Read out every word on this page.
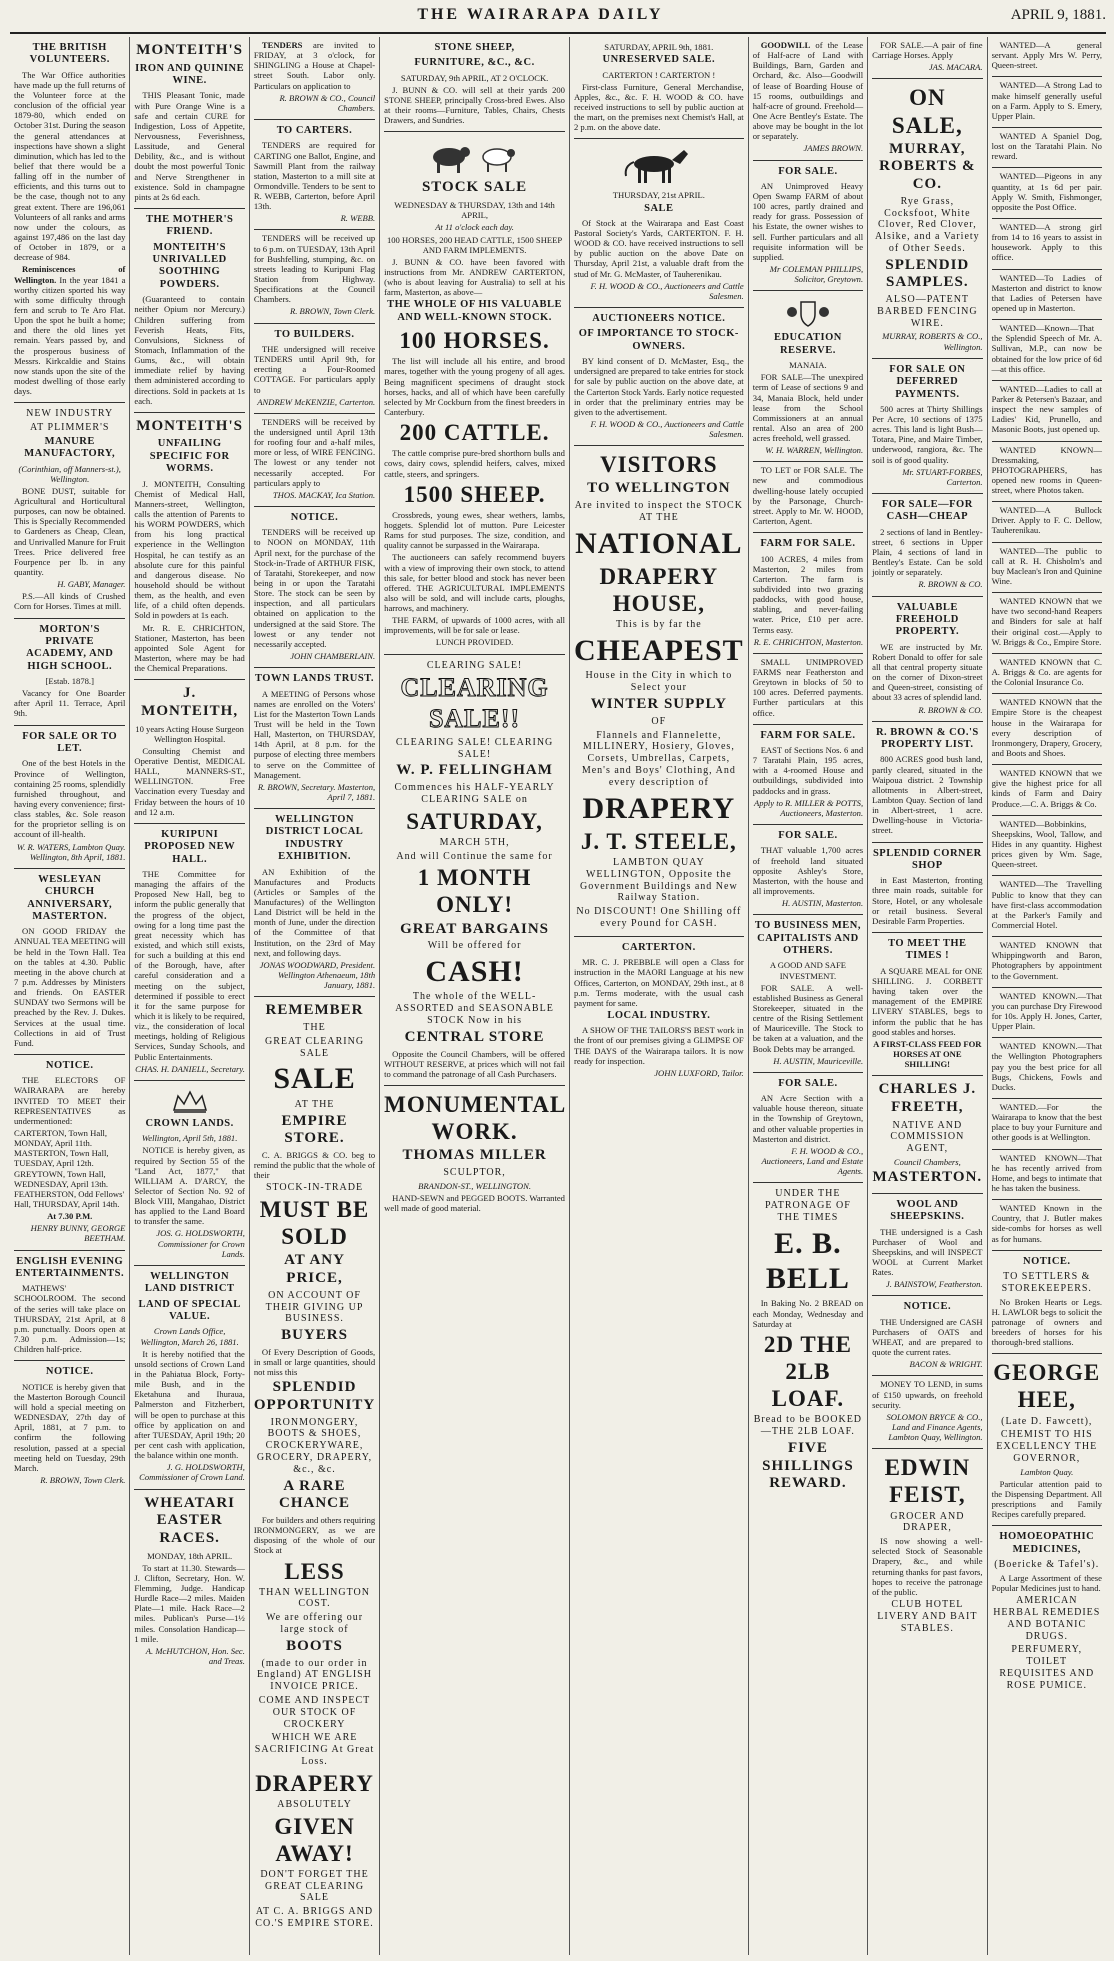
THE WAIRARAPA DAILY	APRIL 9, 1881.
THE BRITISH VOLUNTEERS.

The War Office authorities have made up the full returns of the Volunteer force at the conclusion of the official year 1879-80, which ended on October 31st. During the season the general attendances at inspections have shown a slight diminution, which has led to the belief that there would be a falling off in the number of efficients, and this turns out to be the case, though not to any great extent. There are 196,061 Volunteers of all ranks and arms now under the colours, as against 197,486 on the last day of October in 1879, or a decrease of 984.

Reminiscences of Wellington. In the year 1841 a worthy citizen sported his way with some difficulty through fern and scrub to Te Aro Flat. Upon the spot he built a home; and there the old lines yet remain. Years passed by, and the prosperous business of Messrs. Kirkcaldie and Stains now stands upon the site of the modest dwelling of those early days.

NEW INDUSTRY
AT PLIMMER'S
MANURE MANUFACTORY,
(Corinthian, off Manners-st.), Wellington.

BONE DUST, suitable for Agricultural and Horticultural purposes, can now be obtained. This is Specially Recommended to Gardeners as Cheap, Clean, and Unrivalled Manure for Fruit Trees. Price delivered free Fourpence per lb. in any quantity.

H. GABY, Manager.

P.S.—All kinds of Crushed Corn for Horses. Times at mill.

MORTON'S PRIVATE ACADEMY, AND HIGH SCHOOL.
[Estab. 1878.]

Vacancy for One Boarder after April 11. Terrace, April 9th.

FOR SALE OR TO LET.

One of the best Hotels in the Province of Wellington, containing 25 rooms, splendidly furnished throughout, and having every convenience; first-class stables, &c. Sole reason for the proprietor selling is on account of ill-health.

W. R. WATERS, Lambton Quay. Wellington, 8th April, 1881.
WESLEYAN CHURCH ANNIVERSARY, MASTERTON.

ON GOOD FRIDAY the ANNUAL TEA MEETING will be held in the Town Hall. Tea on the tables at 4.30. Public meeting in the above church at 7 p.m. Addresses by Ministers and friends. On EASTER SUNDAY two Sermons will be preached by the Rev. J. Dukes. Services at the usual time. Collections in aid of Trust Fund.

NOTICE.

THE ELECTORS OF WAIRARAPA are hereby INVITED TO MEET their REPRESENTATIVES as undermentioned:

CARTERTON, Town Hall, MONDAY, April 11th.
MASTERTON, Town Hall, TUESDAY, April 12th.
GREYTOWN, Town Hall, WEDNESDAY, April 13th.
FEATHERSTON, Odd Fellows' Hall, THURSDAY, April 14th.
At 7.30 P.M.
HENRY BUNNY, GEORGE BEETHAM.
ENGLISH EVENING ENTERTAINMENTS.

MATHEWS' SCHOOLROOM. The second of the series will take place on THURSDAY, 21st April, at 8 p.m. punctually. Doors open at 7.30 p.m. Admission—1s; Children half-price.

NOTICE.

NOTICE is hereby given that the Masterton Borough Council will hold a special meeting on WEDNESDAY, 27th day of April, 1881, at 7 p.m. to confirm the following resolution, passed at a special meeting held on Tuesday, 29th March.

R. BROWN, Town Clerk.
MONTEITH'S
IRON AND QUININE WINE.

THIS Pleasant Tonic, made with Pure Orange Wine is a safe and certain CURE for Indigestion, Loss of Appetite, Nervousness, Feverishness, Lassitude, and General Debility, &c., and is without doubt the most powerful Tonic and Nerve Strengthener in existence. Sold in champagne pints at 2s 6d each.

THE MOTHER'S FRIEND.
MONTEITH'S UNRIVALLED SOOTHING POWDERS.

(Guaranteed to contain neither Opium nor Mercury.) Children suffering from Feverish Heats, Fits, Convulsions, Sickness of Stomach, Inflammation of the Gums, &c., will obtain immediate relief by having them administered according to directions. Sold in packets at 1s each.

MONTEITH'S
UNFAILING SPECIFIC FOR WORMS.

J. MONTEITH, Consulting Chemist of Medical Hall, Manners-street, Wellington, calls the attention of Parents to his WORM POWDERS, which from his long practical experience in the Wellington Hospital, he can testify as an absolute cure for this painful and dangerous disease. No household should be without them, as the health, and even life, of a child often depends. Sold in powders at 1s each.

Mr. R. E. CHRICHTON, Stationer, Masterton, has been appointed Sole Agent for Masterton, where may be had the Chemical Preparations.

J. MONTEITH,
10 years Acting House Surgeon Wellington Hospital.

Consulting Chemist and Operative Dentist, MEDICAL HALL, MANNERS-ST., WELLINGTON. Free Vaccination every Tuesday and Friday between the hours of 10 and 12 a.m.

KURIPUNI PROPOSED NEW HALL.

THE Committee for managing the affairs of the Proposed New Hall, beg to inform the public generally that the progress of the object, owing for a long time past the great necessity which has existed, and which still exists, for such a building at this end of the Borough, have, after careful consideration and a meeting on the subject, determined if possible to erect it for the same purpose for which it is likely to be required, viz., the consideration of local meetings, holding of Religious Services, Sunday Schools, and Public Entertainments.

CHAS. H. DANIELL, Secretary.
CROWN LANDS.
Wellington, April 5th, 1881.

NOTICE is hereby given, as required by Section 55 of the "Land Act, 1877," that WILLIAM A. D'ARCY, the Selector of Section No. 92 of Block VIII, Mangahao, District has applied to the Land Board to transfer the same.

JOS. G. HOLDSWORTH, Commissioner for Crown Lands.
WELLINGTON LAND DISTRICT
LAND OF SPECIAL VALUE.
Crown Lands Office, Wellington, March 26, 1881.

It is hereby notified that the unsold sections of Crown Land in the Pahiatua Block, Forty-mile Bush, and in the Eketahuna and Ihuraua, Palmerston and Fitzherbert, will be open to purchase at this office by application on and after TUESDAY, April 19th; 20 per cent cash with application, the balance within one month.

J. G. HOLDSWORTH, Commissioner of Crown Land.
WHEATARI EASTER RACES.
MONDAY, 18th APRIL.

To start at 11.30. Stewards—J. Clifton, Secretary, Hon. W. Flemming, Judge. Handicap Hurdle Race—2 miles. Maiden Plate—1 mile. Hack Race—2 miles. Publican's Purse—1½ miles. Consolation Handicap—1 mile.

A. McHUTCHON, Hon. Sec. and Treas.

TENDERS are invited to FRIDAY, at 3 o'clock, for SHINGLING a House at Chapel-street South. Labor only. Particulars on application to

R. BROWN & CO., Council Chambers.
TO CARTERS.

TENDERS are required for CARTING one Ballot, Engine, and Sawmill Plant from the railway station, Masterton to a mill site at Ormondville. Tenders to be sent to R. WEBB, Carterton, before April 13th.

R. WEBB.

TENDERS will be received up to 6 p.m. on TUESDAY, 13th April for Bushfelling, stumping, &c. on streets leading to Kuripuni Flag Station from Highway. Specifications at the Council Chambers.

R. BROWN, Town Clerk.
TO BUILDERS.

THE undersigned will receive TENDERS until April 9th, for erecting a Four-Roomed COTTAGE. For particulars apply to

ANDREW McKENZIE, Carterton.

TENDERS will be received by the undersigned until April 13th for roofing four and a-half miles, more or less, of WIRE FENCING. The lowest or any tender not necessarily accepted. For particulars apply to

THOS. MACKAY, Ica Station.
NOTICE.

TENDERS will be received up to NOON on MONDAY, 11th April next, for the purchase of the Stock-in-Trade of ARTHUR FISK, of Taratahi, Storekeeper, and now being in or upon the Taratahi Store. The stock can be seen by inspection, and all particulars obtained on application to the undersigned at the said Store. The lowest or any tender not necessarily accepted.

JOHN CHAMBERLAIN.
TOWN LANDS TRUST.

A MEETING of Persons whose names are enrolled on the Voters' List for the Masterton Town Lands Trust will be held in the Town Hall, Masterton, on THURSDAY, 14th April, at 8 p.m. for the purpose of electing three members to serve on the Committee of Management.

R. BROWN, Secretary. Masterton, April 7, 1881.
WELLINGTON DISTRICT LOCAL INDUSTRY EXHIBITION.

AN Exhibition of the Manufactures and Products (Articles or Samples of the Manufactures) of the Wellington Land District will be held in the month of June, under the direction of the Committee of that Institution, on the 23rd of May next, and following days.

JONAS WOODWARD, President. Wellington Athenaeum, 18th January, 1881.
REMEMBER
THE
GREAT CLEARING SALE
SALE
AT THE
EMPIRE STORE.

C. A. BRIGGS & CO. beg to remind the public that the whole of their

STOCK-IN-TRADE
MUST BE SOLD
AT ANY PRICE,
ON ACCOUNT OF THEIR GIVING UP BUSINESS.
BUYERS

Of Every Description of Goods, in small or large quantities, should not miss this

SPLENDID OPPORTUNITY
IRONMONGERY, BOOTS & SHOES, CROCKERYWARE, GROCERY, DRAPERY, &c., &c.
A RARE CHANCE

For builders and others requiring IRONMONGERY, as we are disposing of the whole of our Stock at

LESS
THAN WELLINGTON COST.
We are offering our large stock of
BOOTS
(made to our order in England) AT ENGLISH INVOICE PRICE.
COME AND INSPECT OUR STOCK OF CROCKERY
WHICH WE ARE SACRIFICING At Great Loss.
DRAPERY
ABSOLUTELY
GIVEN AWAY!
DON'T FORGET THE GREAT CLEARING SALE
AT C. A. BRIGGS AND CO.'S EMPIRE STORE.
STONE SHEEP,
FURNITURE, &C., &C.
SATURDAY, 9th APRIL, AT 2 O'CLOCK.

J. BUNN & CO. will sell at their yards 200 STONE SHEEP, principally Cross-bred Ewes. Also at their rooms—Furniture, Tables, Chairs, Chests Drawers, and Sundries.

STOCK SALE
WEDNESDAY & THURSDAY, 13th and 14th APRIL,
At 11 o'clock each day.
100 HORSES, 200 HEAD CATTLE, 1500 SHEEP AND FARM IMPLEMENTS.

J. BUNN & CO. have been favored with instructions from Mr. ANDREW CARTERTON, (who is about leaving for Australia) to sell at his farm, Masterton, as above—

THE WHOLE OF HIS VALUABLE AND WELL-KNOWN STOCK.
100 HORSES.

The list will include all his entire, and brood mares, together with the young progeny of all ages. Being magnificent specimens of draught stock horses, hacks, and all of which have been carefully selected by Mr Cockburn from the finest breeders in Canterbury.

200 CATTLE.

The cattle comprise pure-bred shorthorn bulls and cows, dairy cows, splendid heifers, calves, mixed cattle, steers, and springers.

1500 SHEEP.

Crossbreds, young ewes, shear wethers, lambs, hoggets. Splendid lot of mutton. Pure Leicester Rams for stud purposes. The size, condition, and quality cannot be surpassed in the Wairarapa.

The auctioneers can safely recommend buyers with a view of improving their own stock, to attend this sale, for better blood and stock has never been offered. THE AGRICULTURAL IMPLEMENTS also will be sold, and will include carts, ploughs, harrows, and machinery.

THE FARM, of upwards of 1000 acres, with all improvements, will be for sale or lease.

LUNCH PROVIDED.
CLEARING SALE!
CLEARING SALE!!
CLEARING SALE! CLEARING SALE!
W. P. FELLINGHAM
Commences his HALF-YEARLY CLEARING SALE on
SATURDAY,
MARCH 5TH,
And will Continue the same for
1 MONTH ONLY!
GREAT BARGAINS
Will be offered for
CASH!
The whole of the WELL-ASSORTED and SEASONABLE STOCK Now in his
CENTRAL STORE

Opposite the Council Chambers, will be offered WITHOUT RESERVE, at prices which will not fail to command the patronage of all Cash Purchasers.

MONUMENTAL WORK.
THOMAS MILLER
SCULPTOR,
BRANDON-ST., WELLINGTON.

HAND-SEWN and PEGGED BOOTS. Warranted well made of good material.

SATURDAY, APRIL 9th, 1881.
UNRESERVED SALE.
CARTERTON ! CARTERTON !

First-class Furniture, General Merchandise, Apples, &c., &c. F. H. WOOD & CO. have received instructions to sell by public auction at the mart, on the premises next Chemist's Hall, at 2 p.m. on the above date.

THURSDAY, 21st APRIL.
SALE

Of Stock at the Wairarapa and East Coast Pastoral Society's Yards, CARTERTON. F. H. WOOD & CO. have received instructions to sell by public auction on the above Date on Thursday, April 21st, a valuable draft from the stud of Mr. G. McMaster, of Tauherenikau.

F. H. WOOD & CO., Auctioneers and Cattle Salesmen.
AUCTIONEERS NOTICE.
OF IMPORTANCE TO STOCK-OWNERS.

BY kind consent of D. McMaster, Esq., the undersigned are prepared to take entries for stock for sale by public auction on the above date, at the Carterton Stock Yards. Early notice requested in order that the preliminary entries may be given to the advertisement.

F. H. WOOD & CO., Auctioneers and Cattle Salesmen.
VISITORS
TO WELLINGTON
Are invited to inspect the STOCK AT THE
NATIONAL
DRAPERY HOUSE,
This is by far the
CHEAPEST
House in the City in which to Select your
WINTER SUPPLY
OF
Flannels and Flannelette, MILLINERY, Hosiery, Gloves, Corsets, Umbrellas, Carpets, Men's and Boys' Clothing, And every description of
DRAPERY
J. T. STEELE,
LAMBTON QUAY WELLINGTON, Opposite the Government Buildings and New Railway Station.
No DISCOUNT! One Shilling off every Pound for CASH.
CARTERTON.

MR. C. J. PREBBLE will open a Class for instruction in the MAORI Language at his new Offices, Carterton, on MONDAY, 29th inst., at 8 p.m. Terms moderate, with the usual cash payment for same.

LOCAL INDUSTRY.

A SHOW OF THE TAILORS'S BEST work in the front of our premises giving a GLIMPSE OF THE DAYS of the Wairarapa tailors. It is now ready for inspection.

JOHN LUXFORD, Tailor.

GOODWILL of the Lease of Half-acre of Land with Buildings, Barn, Garden and Orchard, &c. Also—Goodwill of lease of Boarding House of 15 rooms, outbuildings and half-acre of ground. Freehold—One Acre Bentley's Estate. The above may be bought in the lot or separately.

JAMES BROWN.
FOR SALE.

AN Unimproved Heavy Open Swamp FARM of about 100 acres, partly drained and ready for grass. Possession of his Estate, the owner wishes to sell. Further particulars and all requisite information will be supplied.

Mr COLEMAN PHILLIPS, Solicitor, Greytown.
EDUCATION RESERVE.
MANAIA.

FOR SALE—The unexpired term of Lease of sections 9 and 34, Manaia Block, held under lease from the School Commissioners at an annual rental. Also an area of 200 acres freehold, well grassed.

W. H. WARREN, Wellington.

TO LET or FOR SALE. The new and commodious dwelling-house lately occupied by the Parsonage, Church-street. Apply to Mr. W. HOOD, Carterton, Agent.

FARM FOR SALE.

100 ACRES, 4 miles from Masterton, 2 miles from Carterton. The farm is subdivided into two grazing paddocks, with good house, stabling, and never-failing water. Price, £10 per acre. Terms easy.

R. E. CHRICHTON, Masterton.

SMALL UNIMPROVED FARMS near Featherston and Greytown in blocks of 50 to 100 acres. Deferred payments. Further particulars at this office.

FARM FOR SALE.

EAST of Sections Nos. 6 and 7 Taratahi Plain, 195 acres, with a 4-roomed House and outbuildings, subdivided into paddocks and in grass.

Apply to R. MILLER & POTTS, Auctioneers, Masterton.
FOR SALE.

THAT valuable 1,700 acres of freehold land situated opposite Ashley's Store, Masterton, with the house and all improvements.

H. AUSTIN, Masterton.
TO BUSINESS MEN, CAPITALISTS AND OTHERS.
A GOOD AND SAFE INVESTMENT.

FOR SALE. A well-established Business as General Storekeeper, situated in the centre of the Rising Settlement of Mauriceville. The Stock to be taken at a valuation, and the Book Debts may be arranged.

H. AUSTIN, Mauriceville.
FOR SALE.

AN Acre Section with a valuable house thereon, situate in the Township of Greytown, and other valuable properties in Masterton and district.

F. H. WOOD & CO., Auctioneers, Land and Estate Agents.
UNDER THE PATRONAGE OF THE TIMES
E. B. BELL

In Baking No. 2 BREAD on each Monday, Wednesday and Saturday at

2D THE 2LB LOAF.
Bread to be BOOKED—THE 2LB LOAF.
FIVE SHILLINGS REWARD.

FOR SALE.—A pair of fine Carriage Horses. Apply

JAS. MACARA.
ON SALE,
MURRAY, ROBERTS & CO.
Rye Grass, Cocksfoot, White Clover, Red Clover, Alsike, and a Variety of Other Seeds.
SPLENDID SAMPLES.
ALSO—PATENT BARBED FENCING WIRE.
MURRAY, ROBERTS & CO., Wellington.
FOR SALE ON DEFERRED PAYMENTS.

500 acres at Thirty Shillings Per Acre, 10 sections of 1375 acres. This land is light Bush—Totara, Pine, and Maire Timber, underwood, rangiora, &c. The soil is of good quality.

Mr. STUART-FORBES, Carterton.
FOR SALE—FOR CASH—CHEAP

2 sections of land in Bentley-street, 6 sections in Upper Plain, 4 sections of land in Bentley's Estate. Can be sold jointly or separately.

R. BROWN & CO.
VALUABLE FREEHOLD PROPERTY.

WE are instructed by Mr. Robert Donald to offer for sale all that central property situate on the corner of Dixon-street and Queen-street, consisting of about 33 acres of splendid land.

R. BROWN & CO.
R. BROWN & CO.'S PROPERTY LIST.

800 ACRES good bush land, partly cleared, situated in the Waipoua district. 2 Township allotments in Albert-street, Lambton Quay. Section of land in Albert-street, 1 acre. Dwelling-house in Victoria-street.

SPLENDID CORNER SHOP

in East Masterton, fronting three main roads, suitable for Store, Hotel, or any wholesale or retail business. Several Desirable Farm Properties.

TO MEET THE TIMES !

A SQUARE MEAL for ONE SHILLING. J. CORBETT having taken over the management of the EMPIRE LIVERY STABLES, begs to inform the public that he has good stables and horses.

A FIRST-CLASS FEED FOR HORSES AT ONE SHILLING!
CHARLES J. FREETH,
NATIVE AND COMMISSION AGENT,
Council Chambers,
MASTERTON.
WOOL AND SHEEPSKINS.

THE undersigned is a Cash Purchaser of Wool and Sheepskins, and will INSPECT WOOL at Current Market Rates.

J. BAINSTOW, Featherston.
NOTICE.

THE Undersigned are CASH Purchasers of OATS and WHEAT, and are prepared to quote the current rates.

BACON & WRIGHT.

MONEY TO LEND, in sums of £150 upwards, on freehold security.

SOLOMON BRYCE & CO., Land and Finance Agents, Lambton Quay, Wellington.
EDWIN FEIST,
GROCER AND DRAPER,

IS now showing a well-selected Stock of Seasonable Drapery, &c., and while returning thanks for past favors, hopes to receive the patronage of the public.

CLUB HOTEL LIVERY AND BAIT STABLES.

WANTED—A general servant. Apply Mrs W. Perry, Queen-street.

WANTED—A Strong Lad to make himself generally useful on a Farm. Apply to S. Emery, Upper Plain.

WANTED A Spaniel Dog, lost on the Taratahi Plain. No reward.

WANTED—Pigeons in any quantity, at 1s 6d per pair. Apply W. Smith, Fishmonger, opposite the Post Office.

WANTED—A strong girl from 14 to 16 years to assist in housework. Apply to this office.

WANTED—To Ladies of Masterton and district to know that Ladies of Petersen have opened up in Masterton.

WANTED—Known—That the Splendid Speech of Mr. A. Sullivan, M.P., can now be obtained for the low price of 6d—at this office.

WANTED—Ladies to call at Parker & Petersen's Bazaar, and inspect the new samples of Ladies' Kid, Prunello, and Masonic Boots, just opened up.

WANTED KNOWN—Dressmaking, PHOTOGRAPHERS, has opened new rooms in Queen-street, where Photos taken.

WANTED—A Bullock Driver. Apply to F. C. Dellow, Tauherenikau.

WANTED—The public to call at R. H. Chisholm's and buy Maclean's Iron and Quinine Wine.

WANTED KNOWN that we have two second-hand Reapers and Binders for sale at half their original cost.—Apply to W. Briggs & Co., Empire Store.

WANTED KNOWN that C. A. Briggs & Co. are agents for the Colonial Insurance Co.

WANTED KNOWN that the Empire Store is the cheapest house in the Wairarapa for every description of Ironmongery, Drapery, Grocery, and Boots and Shoes.

WANTED KNOWN that we give the highest price for all kinds of Farm and Dairy Produce.—C. A. Briggs & Co.

WANTED—Bobbinkins, Sheepskins, Wool, Tallow, and Hides in any quantity. Highest prices given by Wm. Sage, Queen-street.

WANTED—The Travelling Public to know that they can have first-class accommodation at the Parker's Family and Commercial Hotel.

WANTED KNOWN that Whippingworth and Baron, Photographers by appointment to the Government.

WANTED KNOWN.—That you can purchase Dry Firewood for 10s. Apply H. Jones, Carter, Upper Plain.

WANTED KNOWN.—That the Wellington Photographers pay you the best price for all Bugs, Chickens, Fowls and Ducks.

WANTED.—For the Wairarapa to know that the best place to buy your Furniture and other goods is at Wellington.

WANTED KNOWN—That he has recently arrived from Home, and begs to intimate that he has taken the business.

WANTED Known in the Country, that J. Butler makes side-combs for horses as well as for humans.

NOTICE.
TO SETTLERS & STOREKEEPERS.

No Broken Hearts or Legs. H. LAWLOR begs to solicit the patronage of owners and breeders of horses for his thorough-bred stallions.

GEORGE HEE,
(Late D. Fawcett),
CHEMIST TO HIS EXCELLENCY THE GOVERNOR,
Lambton Quay.

Particular attention paid to the Dispensing Department. All prescriptions and Family Recipes carefully prepared.

HOMOEOPATHIC MEDICINES,
(Boericke & Tafel's).

A Large Assortment of these Popular Medicines just to hand.

AMERICAN HERBAL REMEDIES AND BOTANIC DRUGS.
PERFUMERY, TOILET REQUISITES AND ROSE PUMICE.
